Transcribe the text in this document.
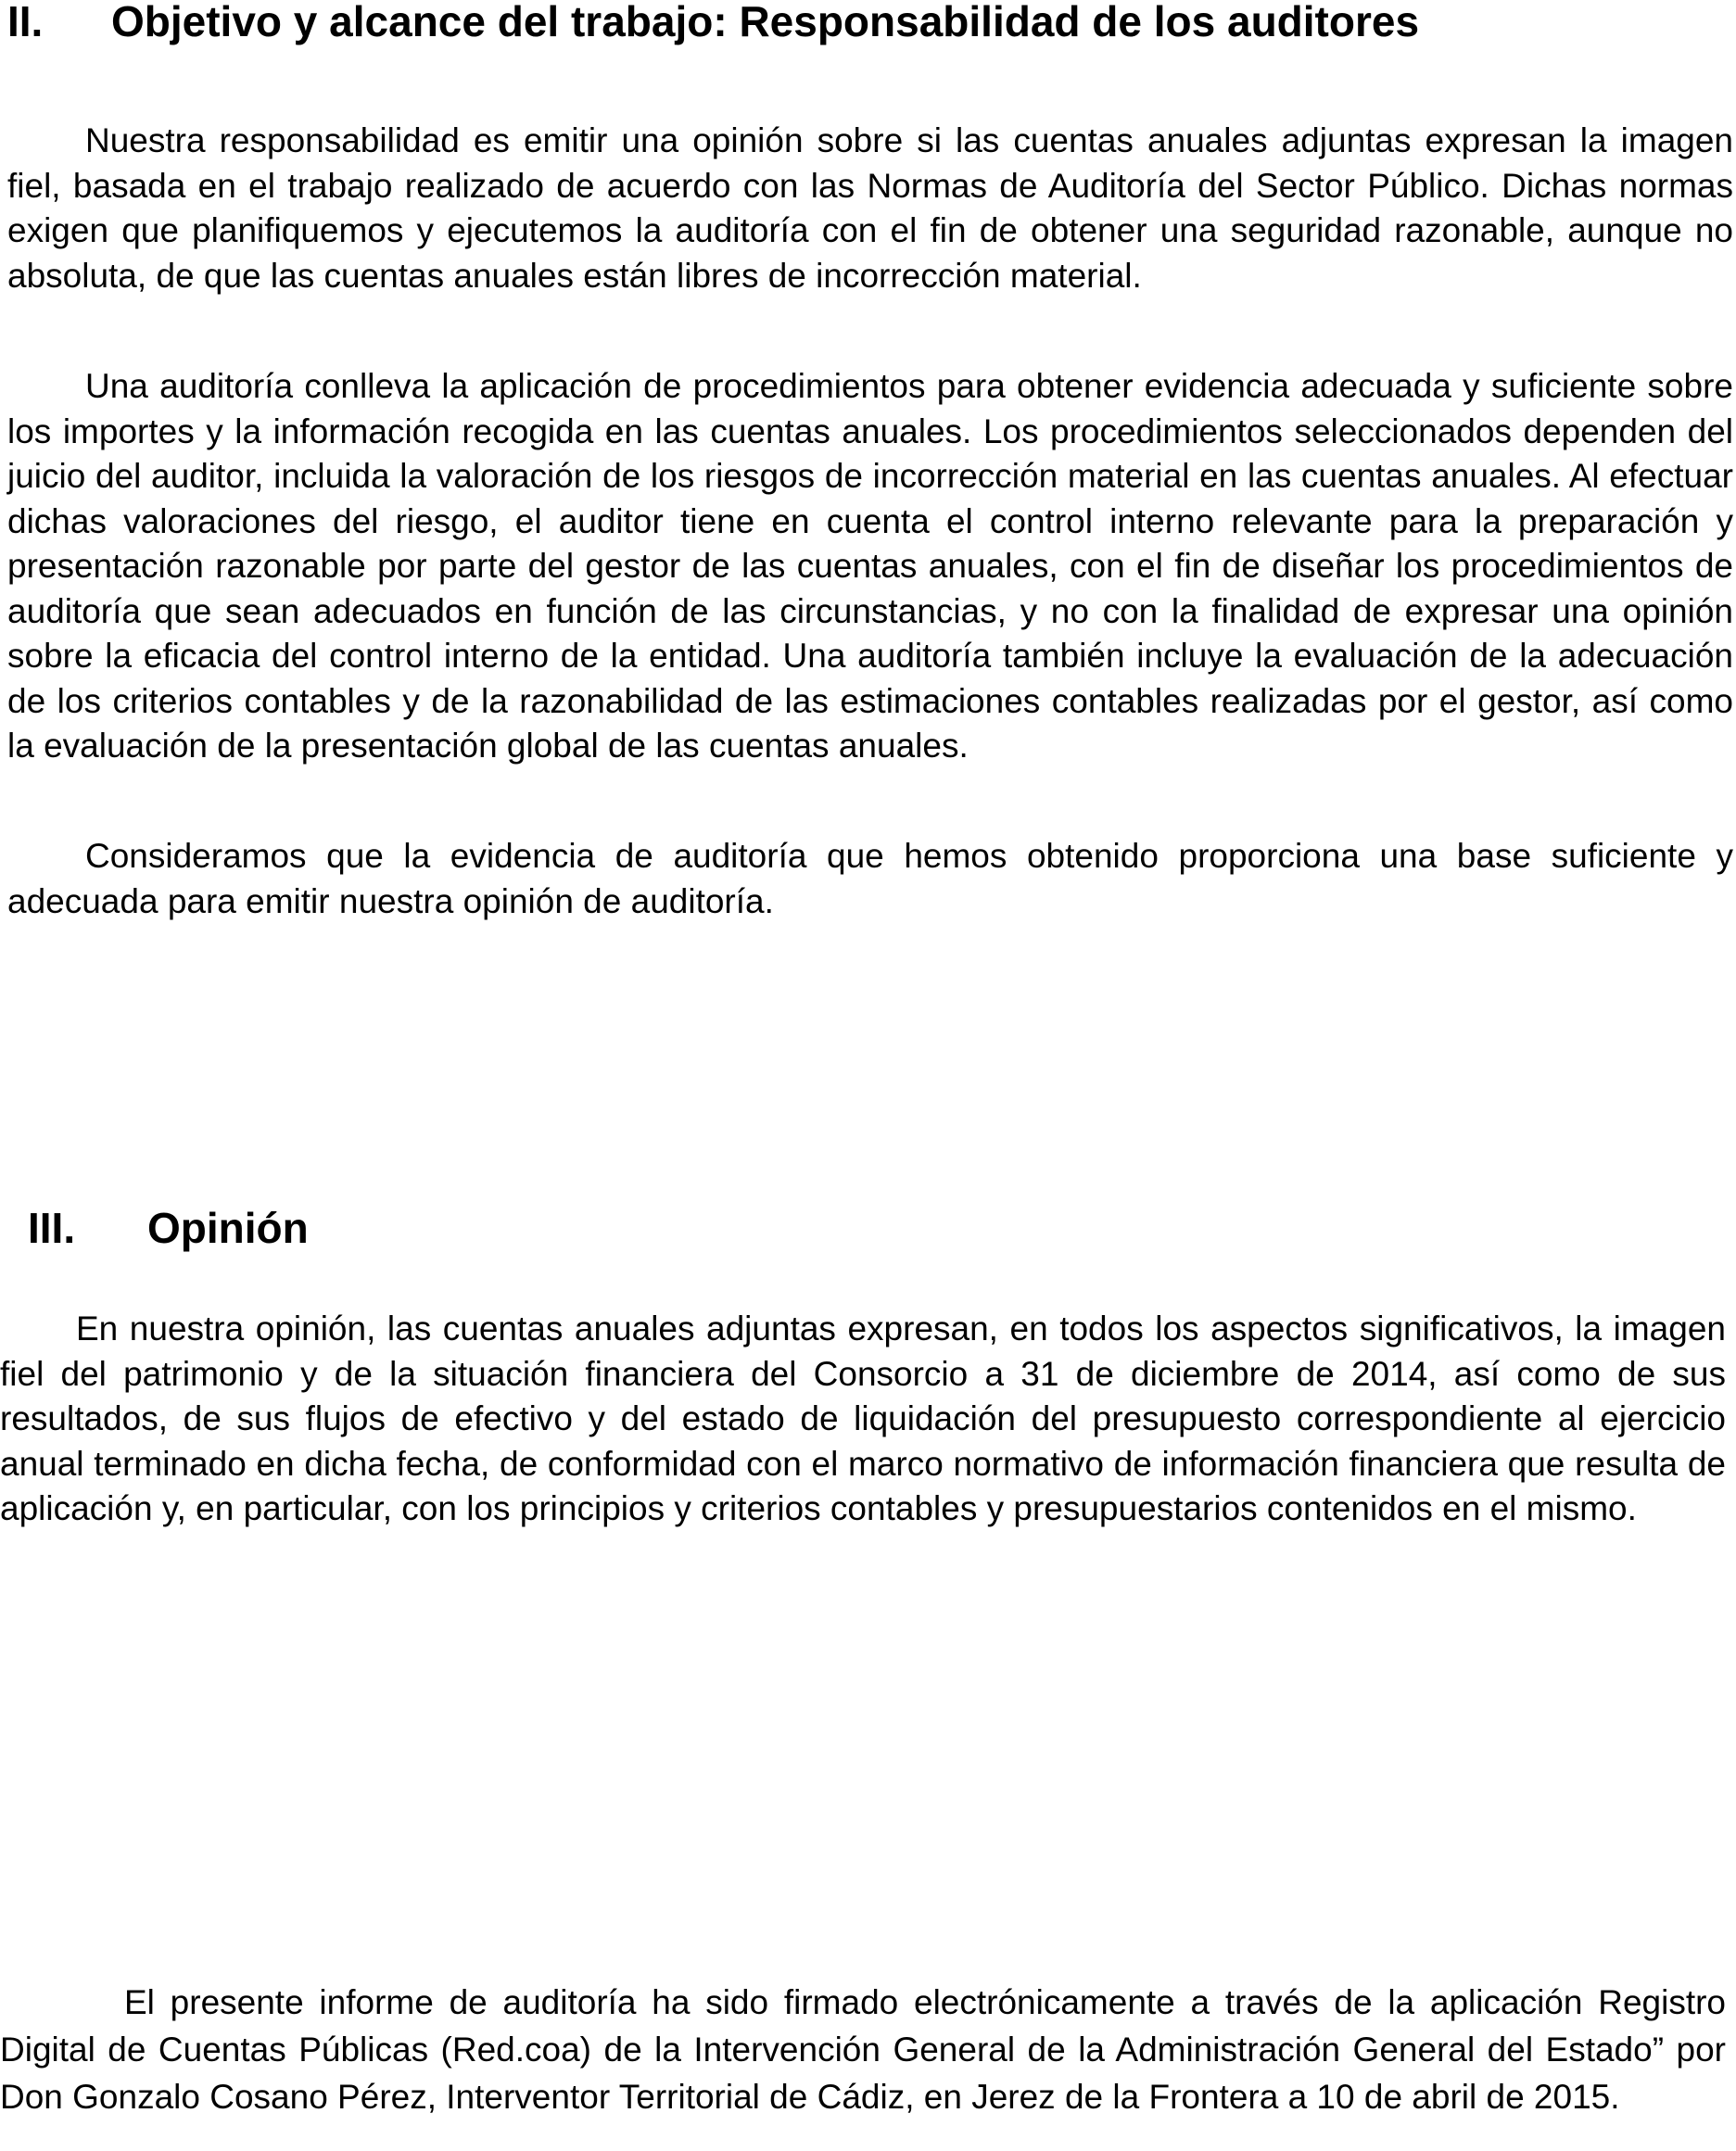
II. Objetivo y alcance del trabajo: Responsabilidad de los auditores
Nuestra responsabilidad es emitir una opinión sobre si las cuentas anuales adjuntas expresan la imagen fiel, basada en el trabajo realizado de acuerdo con las Normas de Auditoría del Sector Público. Dichas normas exigen que planifiquemos y ejecutemos la auditoría con el fin de obtener una seguridad razonable, aunque no absoluta, de que las cuentas anuales están libres de incorrección material.
Una auditoría conlleva la aplicación de procedimientos para obtener evidencia adecuada y suficiente sobre los importes y la información recogida en las cuentas anuales. Los procedimientos seleccionados dependen del juicio del auditor, incluida la valoración de los riesgos de incorrección material en las cuentas anuales. Al efectuar dichas valoraciones del riesgo, el auditor tiene en cuenta el control interno relevante para la preparación y presentación razonable por parte del gestor de las cuentas anuales, con el fin de diseñar los procedimientos de auditoría que sean adecuados en función de las circunstancias, y no con la finalidad de expresar una opinión sobre la eficacia del control interno de la entidad. Una auditoría también incluye la evaluación de la adecuación de los criterios contables y de la razonabilidad de las estimaciones contables realizadas por el gestor, así como la evaluación de la presentación global de las cuentas anuales.
Consideramos que la evidencia de auditoría que hemos obtenido proporciona una base suficiente y adecuada para emitir nuestra opinión de auditoría.
III. Opinión
En nuestra opinión, las cuentas anuales adjuntas expresan, en todos los aspectos significativos, la imagen fiel del patrimonio y de la situación financiera del Consorcio a 31 de diciembre de 2014, así como de sus resultados, de sus flujos de efectivo y del estado de liquidación del presupuesto correspondiente al ejercicio anual terminado en dicha fecha, de conformidad con el marco normativo de información financiera que resulta de aplicación y, en particular, con los principios y criterios contables y presupuestarios contenidos en el mismo.
El presente informe de auditoría ha sido firmado electrónicamente a través de la aplicación Registro Digital de Cuentas Públicas (Red.coa) de la Intervención General de la Administración General del Estado” por Don Gonzalo Cosano Pérez, Interventor Territorial de Cádiz, en Jerez de la Frontera a 10 de abril de 2015.
